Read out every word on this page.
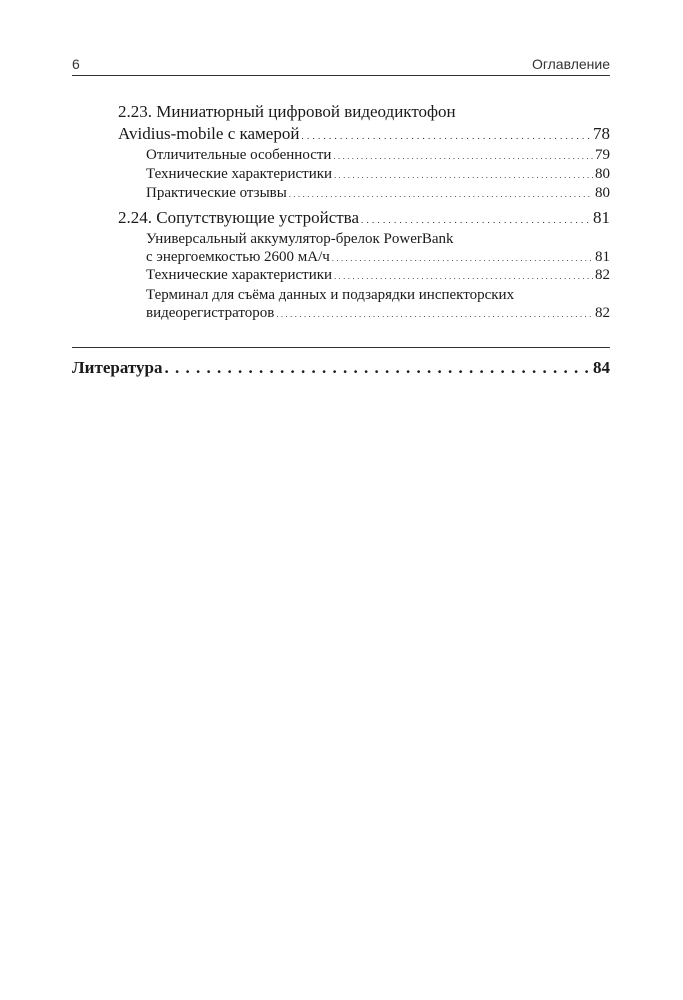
6	Оглавление
2.23. Миниатюрный цифровой видеодиктофон
Avidius-mobile с камерой . . .	78
Отличительные особенности . . .	79
Технические характеристики . . .	80
Практические отзывы . . .	80
2.24. Сопутствующие устройства . . .	81
Универсальный аккумулятор-брелок PowerBank
с энергоемкостью 2600 мА/ч . . .	81
Технические характеристики . . .	82
Терминал для съёма данных и подзарядки инспекторских
видеорегистраторов . . .	82
Литература . . .	84
